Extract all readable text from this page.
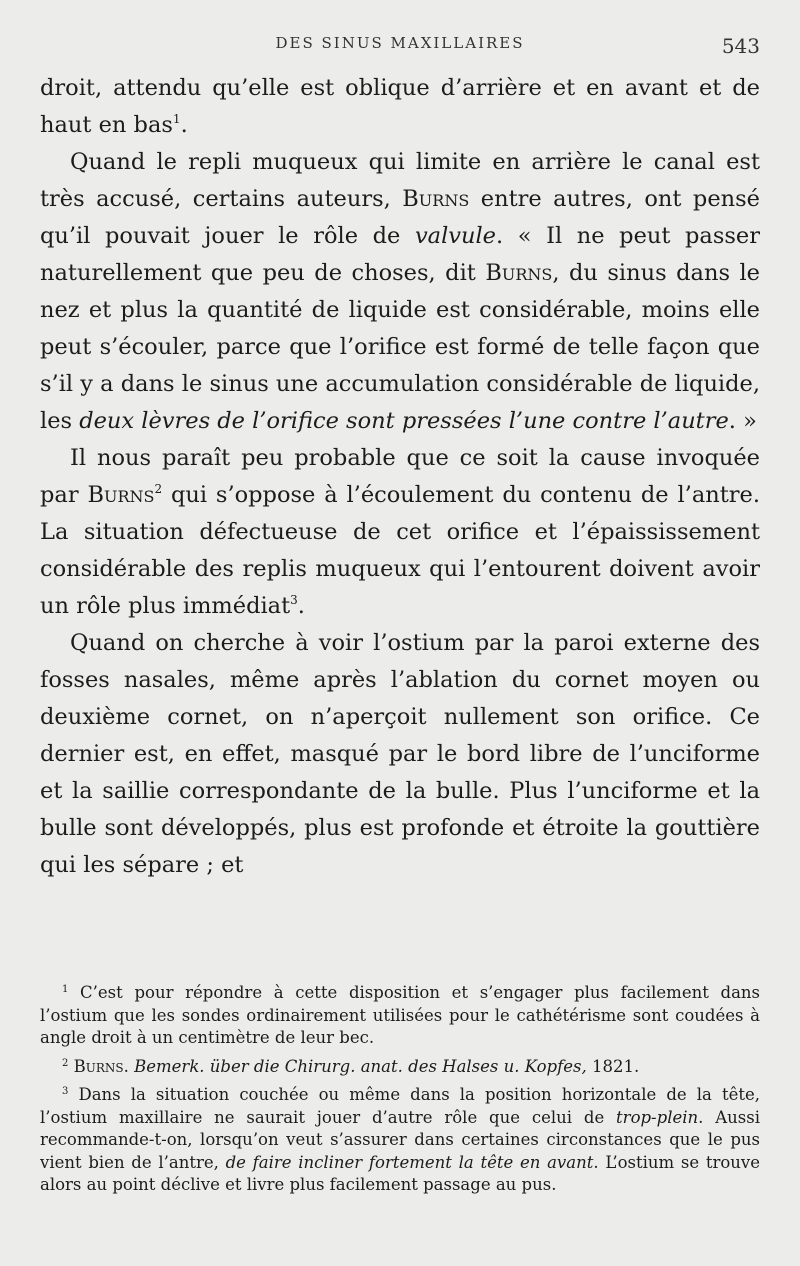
DES SINUS MAXILLAIRES	543

droit, attendu qu’elle est oblique d’arrière et en avant et de haut en bas$^1$.

Quand le repli muqueux qui limite en arrière le canal est très accusé, certains auteurs, Burns entre autres, ont pensé qu’il pouvait jouer le rôle de valvule. « Il ne peut passer naturellement que peu de choses, dit Burns, du sinus dans le nez et plus la quantité de liquide est considérable, moins elle peut s’écouler, parce que l’orifice est formé de telle façon que s’il y a dans le sinus une accumulation considérable de liquide, les deux lèvres de l’orifice sont pressées l’une contre l’autre. »

Il nous paraît peu probable que ce soit la cause invoquée par Burns$^2$ qui s’oppose à l’écoulement du contenu de l’antre. La situation défectueuse de cet orifice et l’épaississement considérable des replis muqueux qui l’entourent doivent avoir un rôle plus immédiat$^3$.

Quand on cherche à voir l’ostium par la paroi externe des fosses nasales, même après l’ablation du cornet moyen ou deuxième cornet, on n’aperçoit nullement son orifice. Ce dernier est, en effet, masqué par le bord libre de l’unciforme et la saillie correspondante de la bulle. Plus l’unciforme et la bulle sont développés, plus est profonde et étroite la gouttière qui les sépare ; et

$^1$ C’est pour répondre à cette disposition et s’engager plus facilement dans l’ostium que les sondes ordinairement utilisées pour le cathétérisme sont coudées à angle droit à un centimètre de leur bec.

$^2$ Burns. Bemerk. über die Chirurg. anat. des Halses u. Kopfes, 1821.

$^3$ Dans la situation couchée ou même dans la position horizontale de la tête, l’ostium maxillaire ne saurait jouer d’autre rôle que celui de trop-plein. Aussi recommande-t-on, lorsqu’on veut s’assurer dans certaines circonstances que le pus vient bien de l’antre, de faire incliner fortement la tête en avant. L’ostium se trouve alors au point déclive et livre plus facilement passage au pus.
